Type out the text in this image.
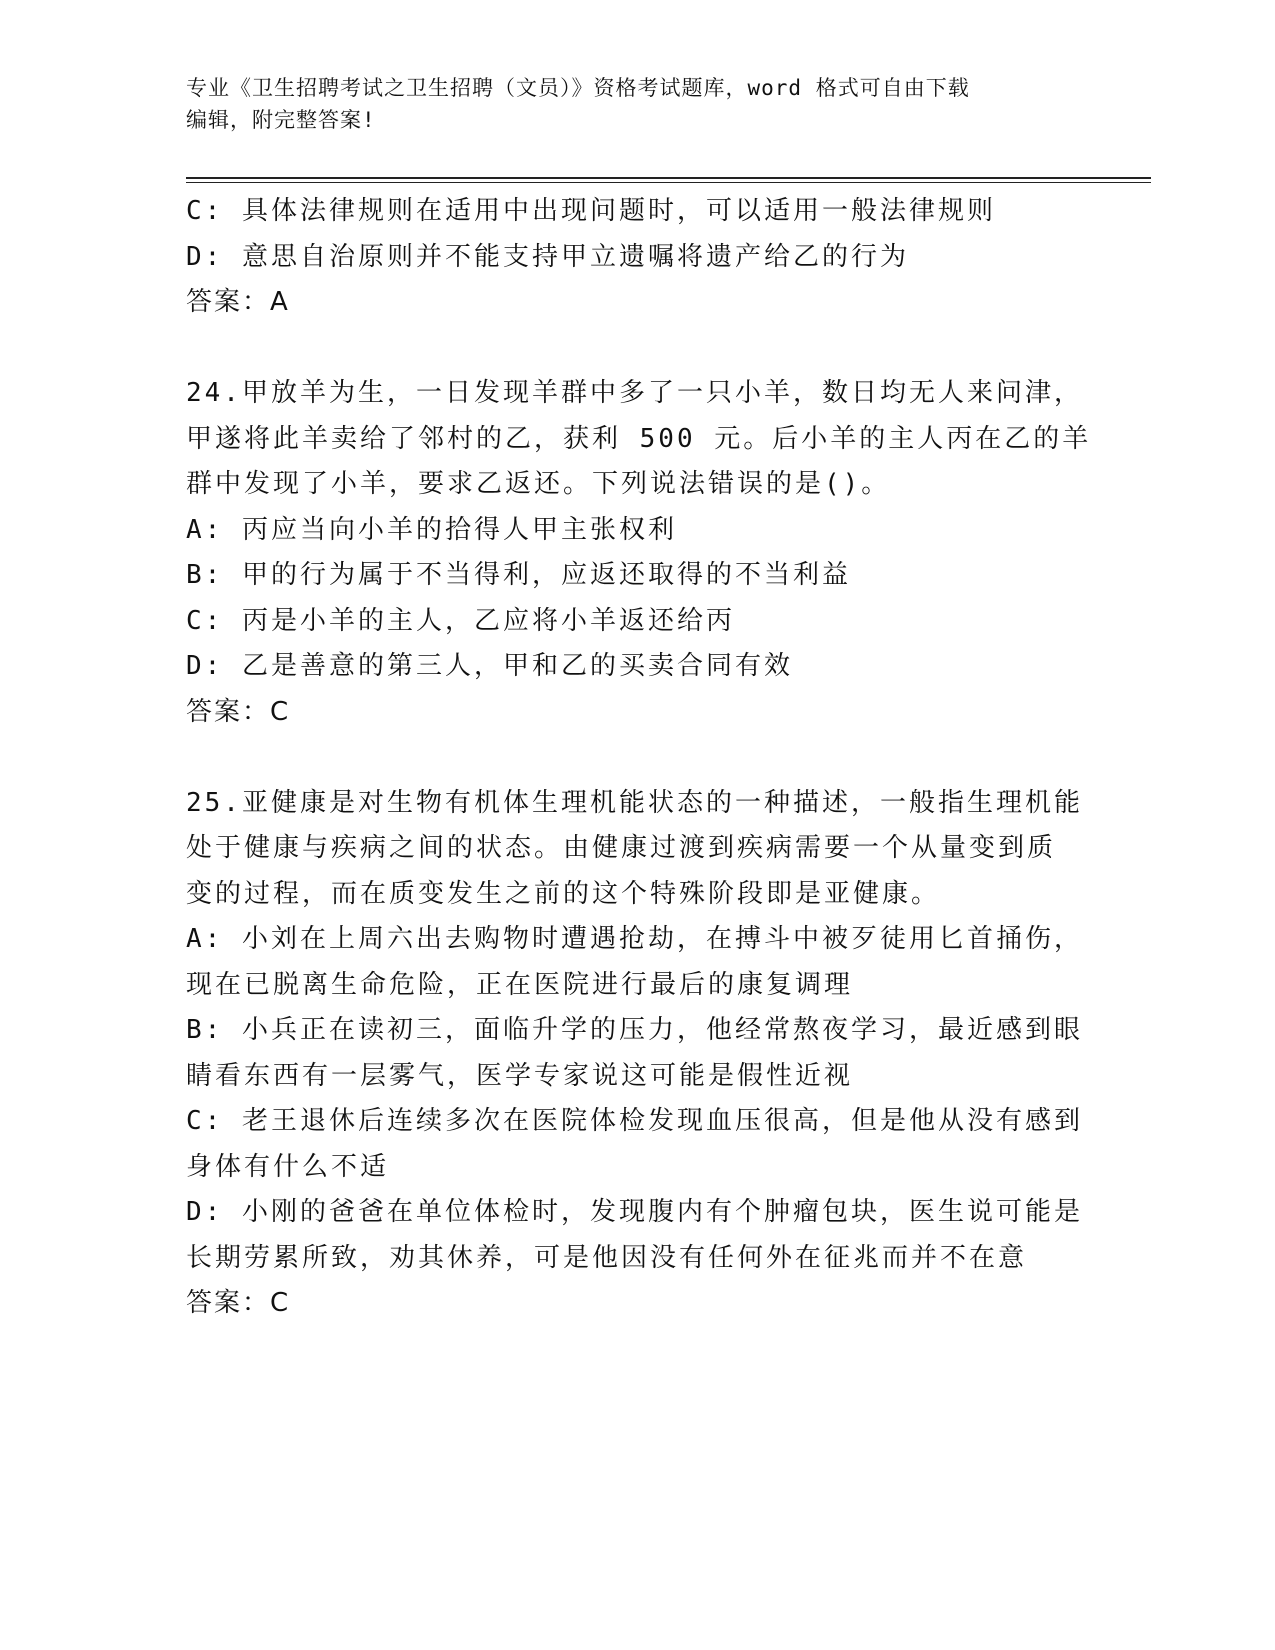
专业《卫生招聘考试之卫生招聘（文员）》资格考试题库，word 格式可自由下载
编辑，附完整答案!
C: 具体法律规则在适用中出现问题时，可以适用一般法律规则
D: 意思自治原则并不能支持甲立遗嘱将遗产给乙的行为
答案：A
24.甲放羊为生，一日发现羊群中多了一只小羊，数日均无人来问津，
甲遂将此羊卖给了邻村的乙，获利 500 元。后小羊的主人丙在乙的羊
群中发现了小羊，要求乙返还。下列说法错误的是()。
A: 丙应当向小羊的拾得人甲主张权利
B: 甲的行为属于不当得利，应返还取得的不当利益
C: 丙是小羊的主人，乙应将小羊返还给丙
D: 乙是善意的第三人，甲和乙的买卖合同有效
答案：C
25.亚健康是对生物有机体生理机能状态的一种描述，一般指生理机能
处于健康与疾病之间的状态。由健康过渡到疾病需要一个从量变到质
变的过程，而在质变发生之前的这个特殊阶段即是亚健康。
A: 小刘在上周六出去购物时遭遇抢劫，在搏斗中被歹徒用匕首捅伤，
现在已脱离生命危险，正在医院进行最后的康复调理
B: 小兵正在读初三，面临升学的压力，他经常熬夜学习，最近感到眼
睛看东西有一层雾气，医学专家说这可能是假性近视
C: 老王退休后连续多次在医院体检发现血压很高，但是他从没有感到
身体有什么不适
D: 小刚的爸爸在单位体检时，发现腹内有个肿瘤包块，医生说可能是
长期劳累所致，劝其休养，可是他因没有任何外在征兆而并不在意
答案：C
